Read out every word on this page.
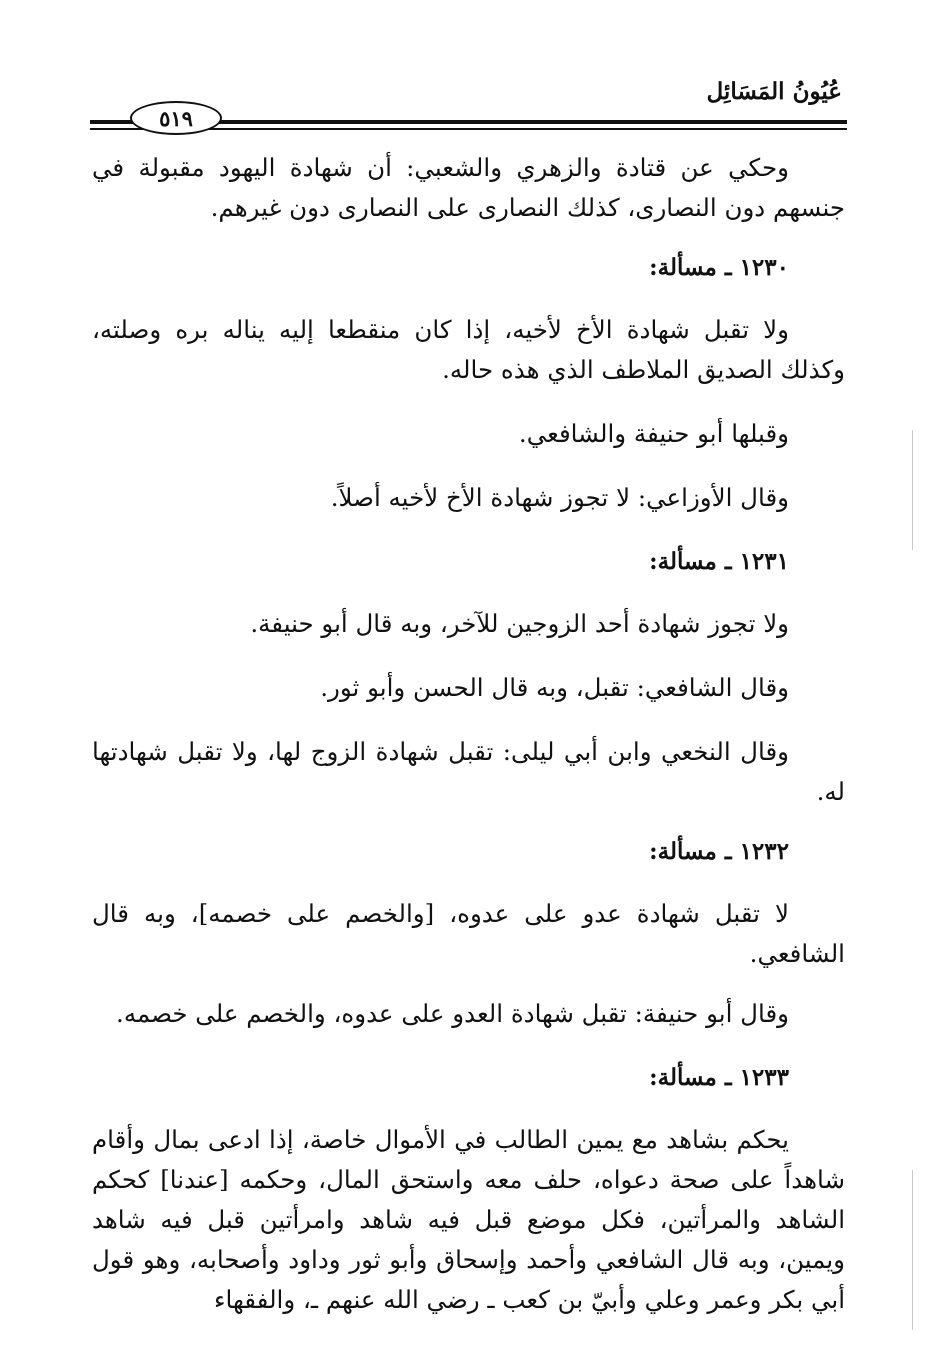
عُيُونُ المَسَائِل
٥١٩

وحكي عن قتادة والزهري والشعبي: أن شهادة اليهود مقبولة في جنسهم دون النصارى، كذلك النصارى على النصارى دون غيرهم.

١٢٣٠ ـ مسألة:

ولا تقبل شهادة الأخ لأخيه، إذا كان منقطعا إليه يناله بره وصلته، وكذلك الصديق الملاطف الذي هذه حاله.

وقبلها أبو حنيفة والشافعي.

وقال الأوزاعي: لا تجوز شهادة الأخ لأخيه أصلاً.

١٢٣١ ـ مسألة:

ولا تجوز شهادة أحد الزوجين للآخر، وبه قال أبو حنيفة.

وقال الشافعي: تقبل، وبه قال الحسن وأبو ثور.

وقال النخعي وابن أبي ليلى: تقبل شهادة الزوج لها، ولا تقبل شهادتها له.

١٢٣٢ ـ مسألة:

لا تقبل شهادة عدو على عدوه، [والخصم على خصمه]، وبه قال الشافعي.

وقال أبو حنيفة: تقبل شهادة العدو على عدوه، والخصم على خصمه.

١٢٣٣ ـ مسألة:

يحكم بشاهد مع يمين الطالب في الأموال خاصة، إذا ادعى بمال وأقام شاهداً على صحة دعواه، حلف معه واستحق المال، وحكمه [عندنا] كحكم الشاهد والمرأتين، فكل موضع قبل فيه شاهد وامرأتين قبل فيه شاهد ويمين، وبه قال الشافعي وأحمد وإسحاق وأبو ثور وداود وأصحابه، وهو قول أبي بكر وعمر وعلي وأبيّ بن كعب ـ رضي الله عنهم ـ، والفقهاء
